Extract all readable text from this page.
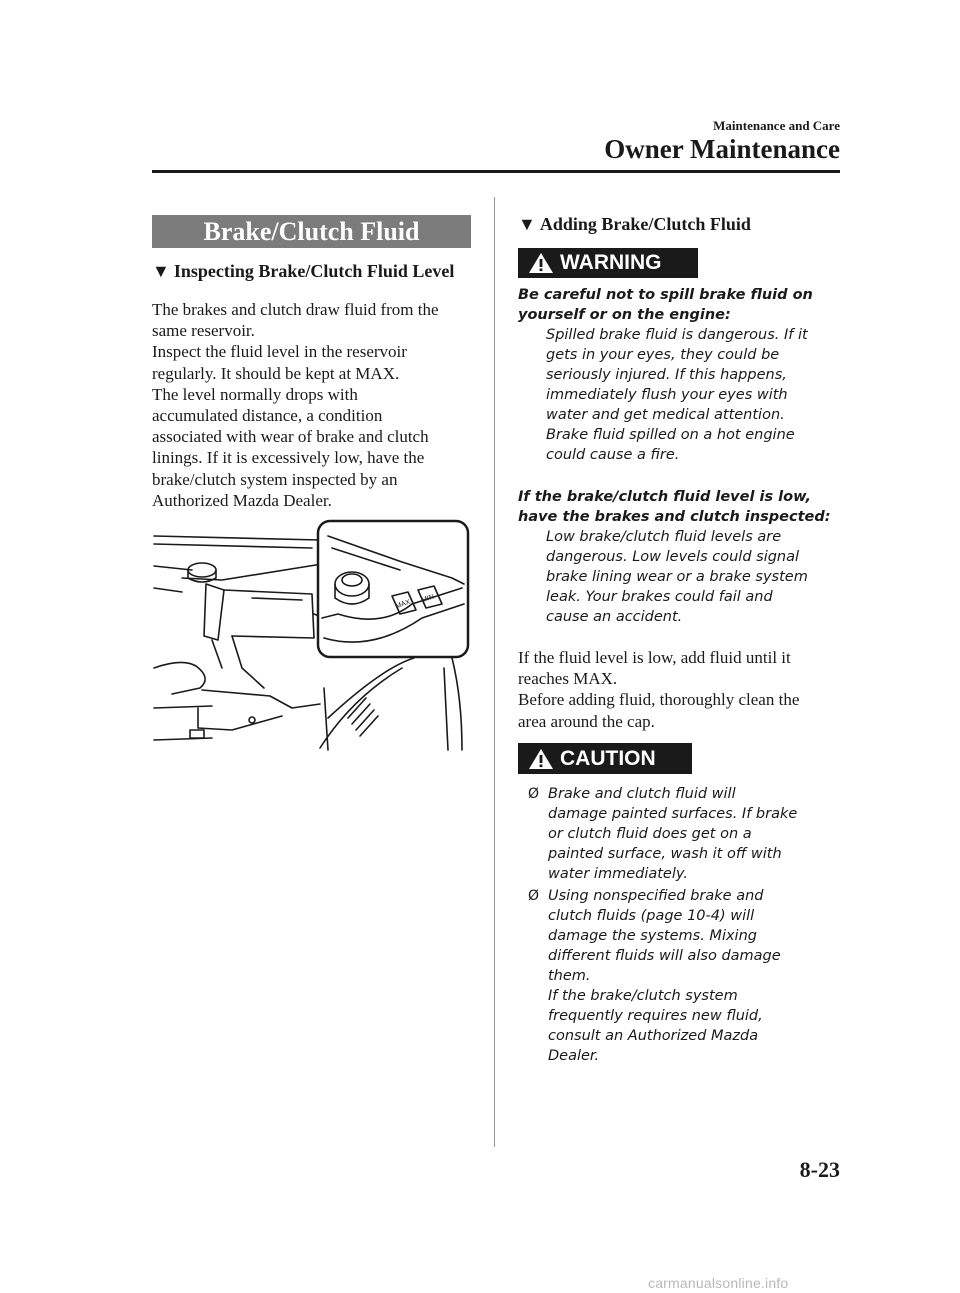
Maintenance and Care
Owner Maintenance
Brake/Clutch Fluid
▼ Inspecting Brake/Clutch Fluid Level
The brakes and clutch draw fluid from the
same reservoir.
Inspect the fluid level in the reservoir
regularly. It should be kept at MAX.
The level normally drops with
accumulated distance, a condition
associated with wear of brake and clutch
linings. If it is excessively low, have the
brake/clutch system inspected by an
Authorized Mazda Dealer.
MAX MIN
▼ Adding Brake/Clutch Fluid
WARNING
Be careful not to spill brake fluid on
yourself or on the engine:
Spilled brake fluid is dangerous. If it
gets in your eyes, they could be
seriously injured. If this happens,
immediately flush your eyes with
water and get medical attention.
Brake fluid spilled on a hot engine
could cause a fire.
If the brake/clutch fluid level is low,
have the brakes and clutch inspected:
Low brake/clutch fluid levels are
dangerous. Low levels could signal
brake lining wear or a brake system
leak. Your brakes could fail and
cause an accident.
If the fluid level is low, add fluid until it
reaches MAX.
Before adding fluid, thoroughly clean the
area around the cap.
CAUTION
Ø Brake and clutch fluid will
damage painted surfaces. If brake
or clutch fluid does get on a
painted surface, wash it off with
water immediately.
Ø Using nonspecified brake and
clutch fluids (page 10-4) will
damage the systems. Mixing
different fluids will also damage
them.
If the brake/clutch system
frequently requires new fluid,
consult an Authorized Mazda
Dealer.
8-23
carmanualsonline.info
